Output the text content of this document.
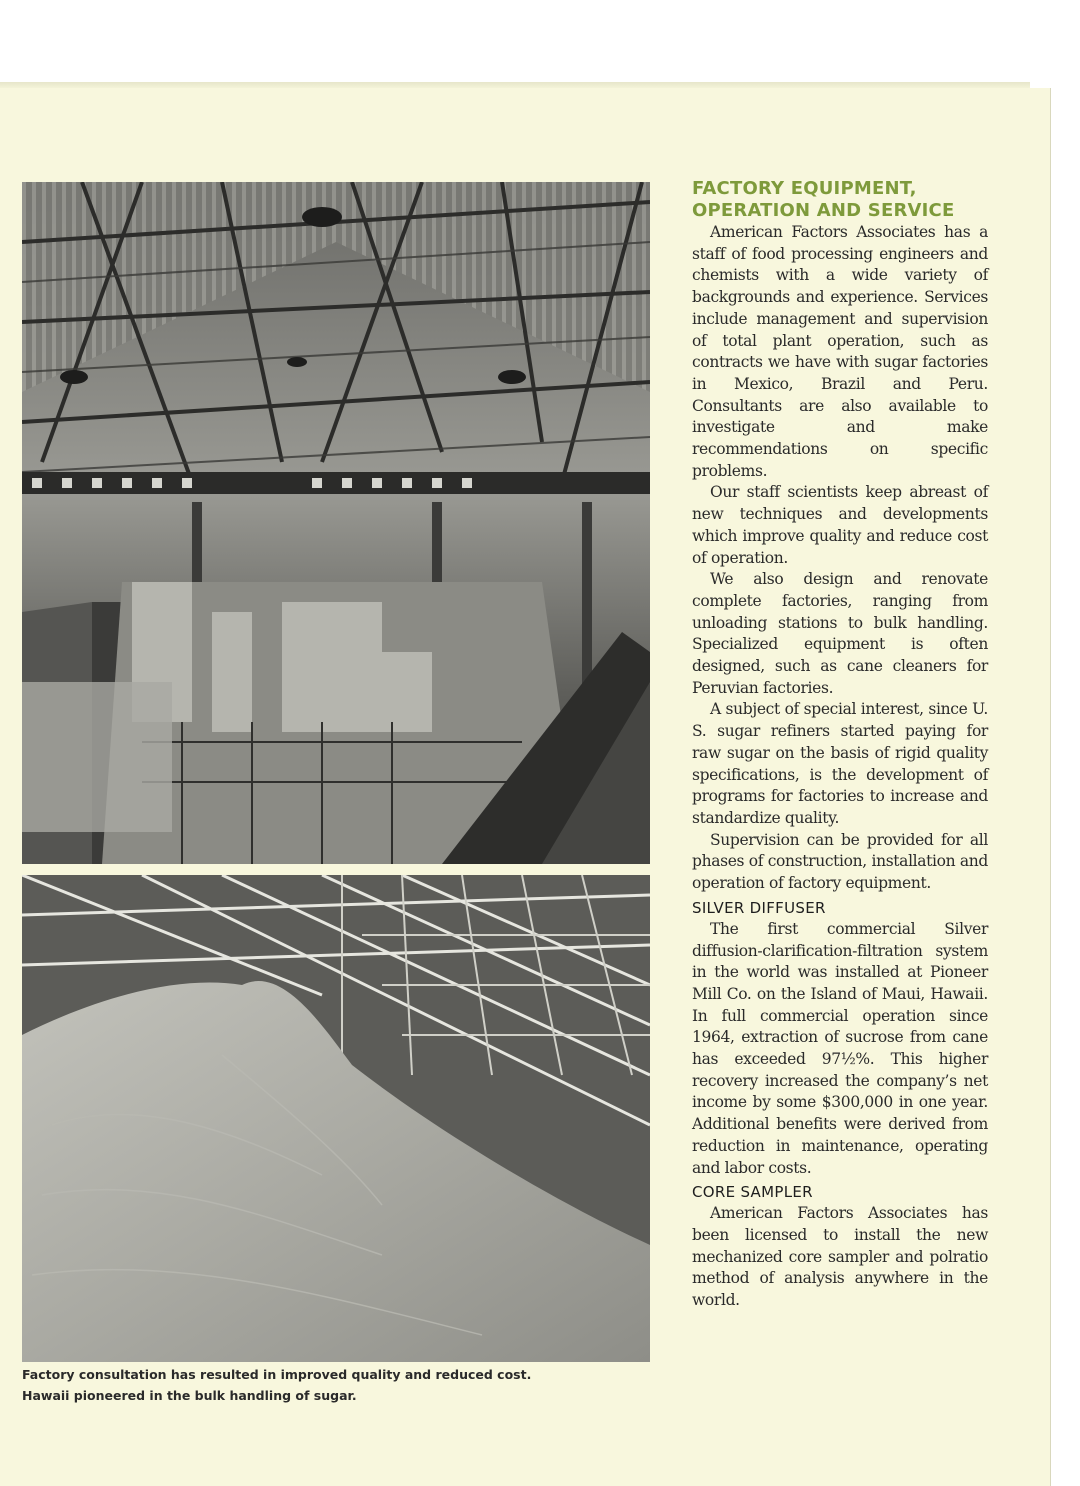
Factory consultation has resulted in improved quality and reduced cost.
Hawaii pioneered in the bulk handling of sugar.
FACTORY EQUIPMENT,
OPERATION AND SERVICE

American Factors Associates has a staff of food processing engineers and chemists with a wide variety of backgrounds and experience. Services include management and supervision of total plant operation, such as contracts we have with sugar factories in Mexico, Brazil and Peru. Consultants are also available to investigate and make recommendations on specific problems.

Our staff scientists keep abreast of new techniques and developments which improve quality and reduce cost of operation.

We also design and renovate complete factories, ranging from unloading stations to bulk handling. Specialized equipment is often designed, such as cane cleaners for Peruvian factories.

A subject of special interest, since U. S. sugar refiners started paying for raw sugar on the basis of rigid quality specifications, is the development of programs for factories to increase and standardize quality.

Supervision can be provided for all phases of construction, installation and operation of factory equipment.

SILVER DIFFUSER

The first commercial Silver diffusion-clarification-filtration system in the world was installed at Pioneer Mill Co. on the Island of Maui, Hawaii. In full commercial operation since 1964, extraction of sucrose from cane has exceeded 97½%. This higher recovery increased the company’s net income by some $300,000 in one year. Additional benefits were derived from reduction in maintenance, operating and labor costs.

CORE SAMPLER

American Factors Associates has been licensed to install the new mechanized core sampler and polratio method of analysis anywhere in the world.
